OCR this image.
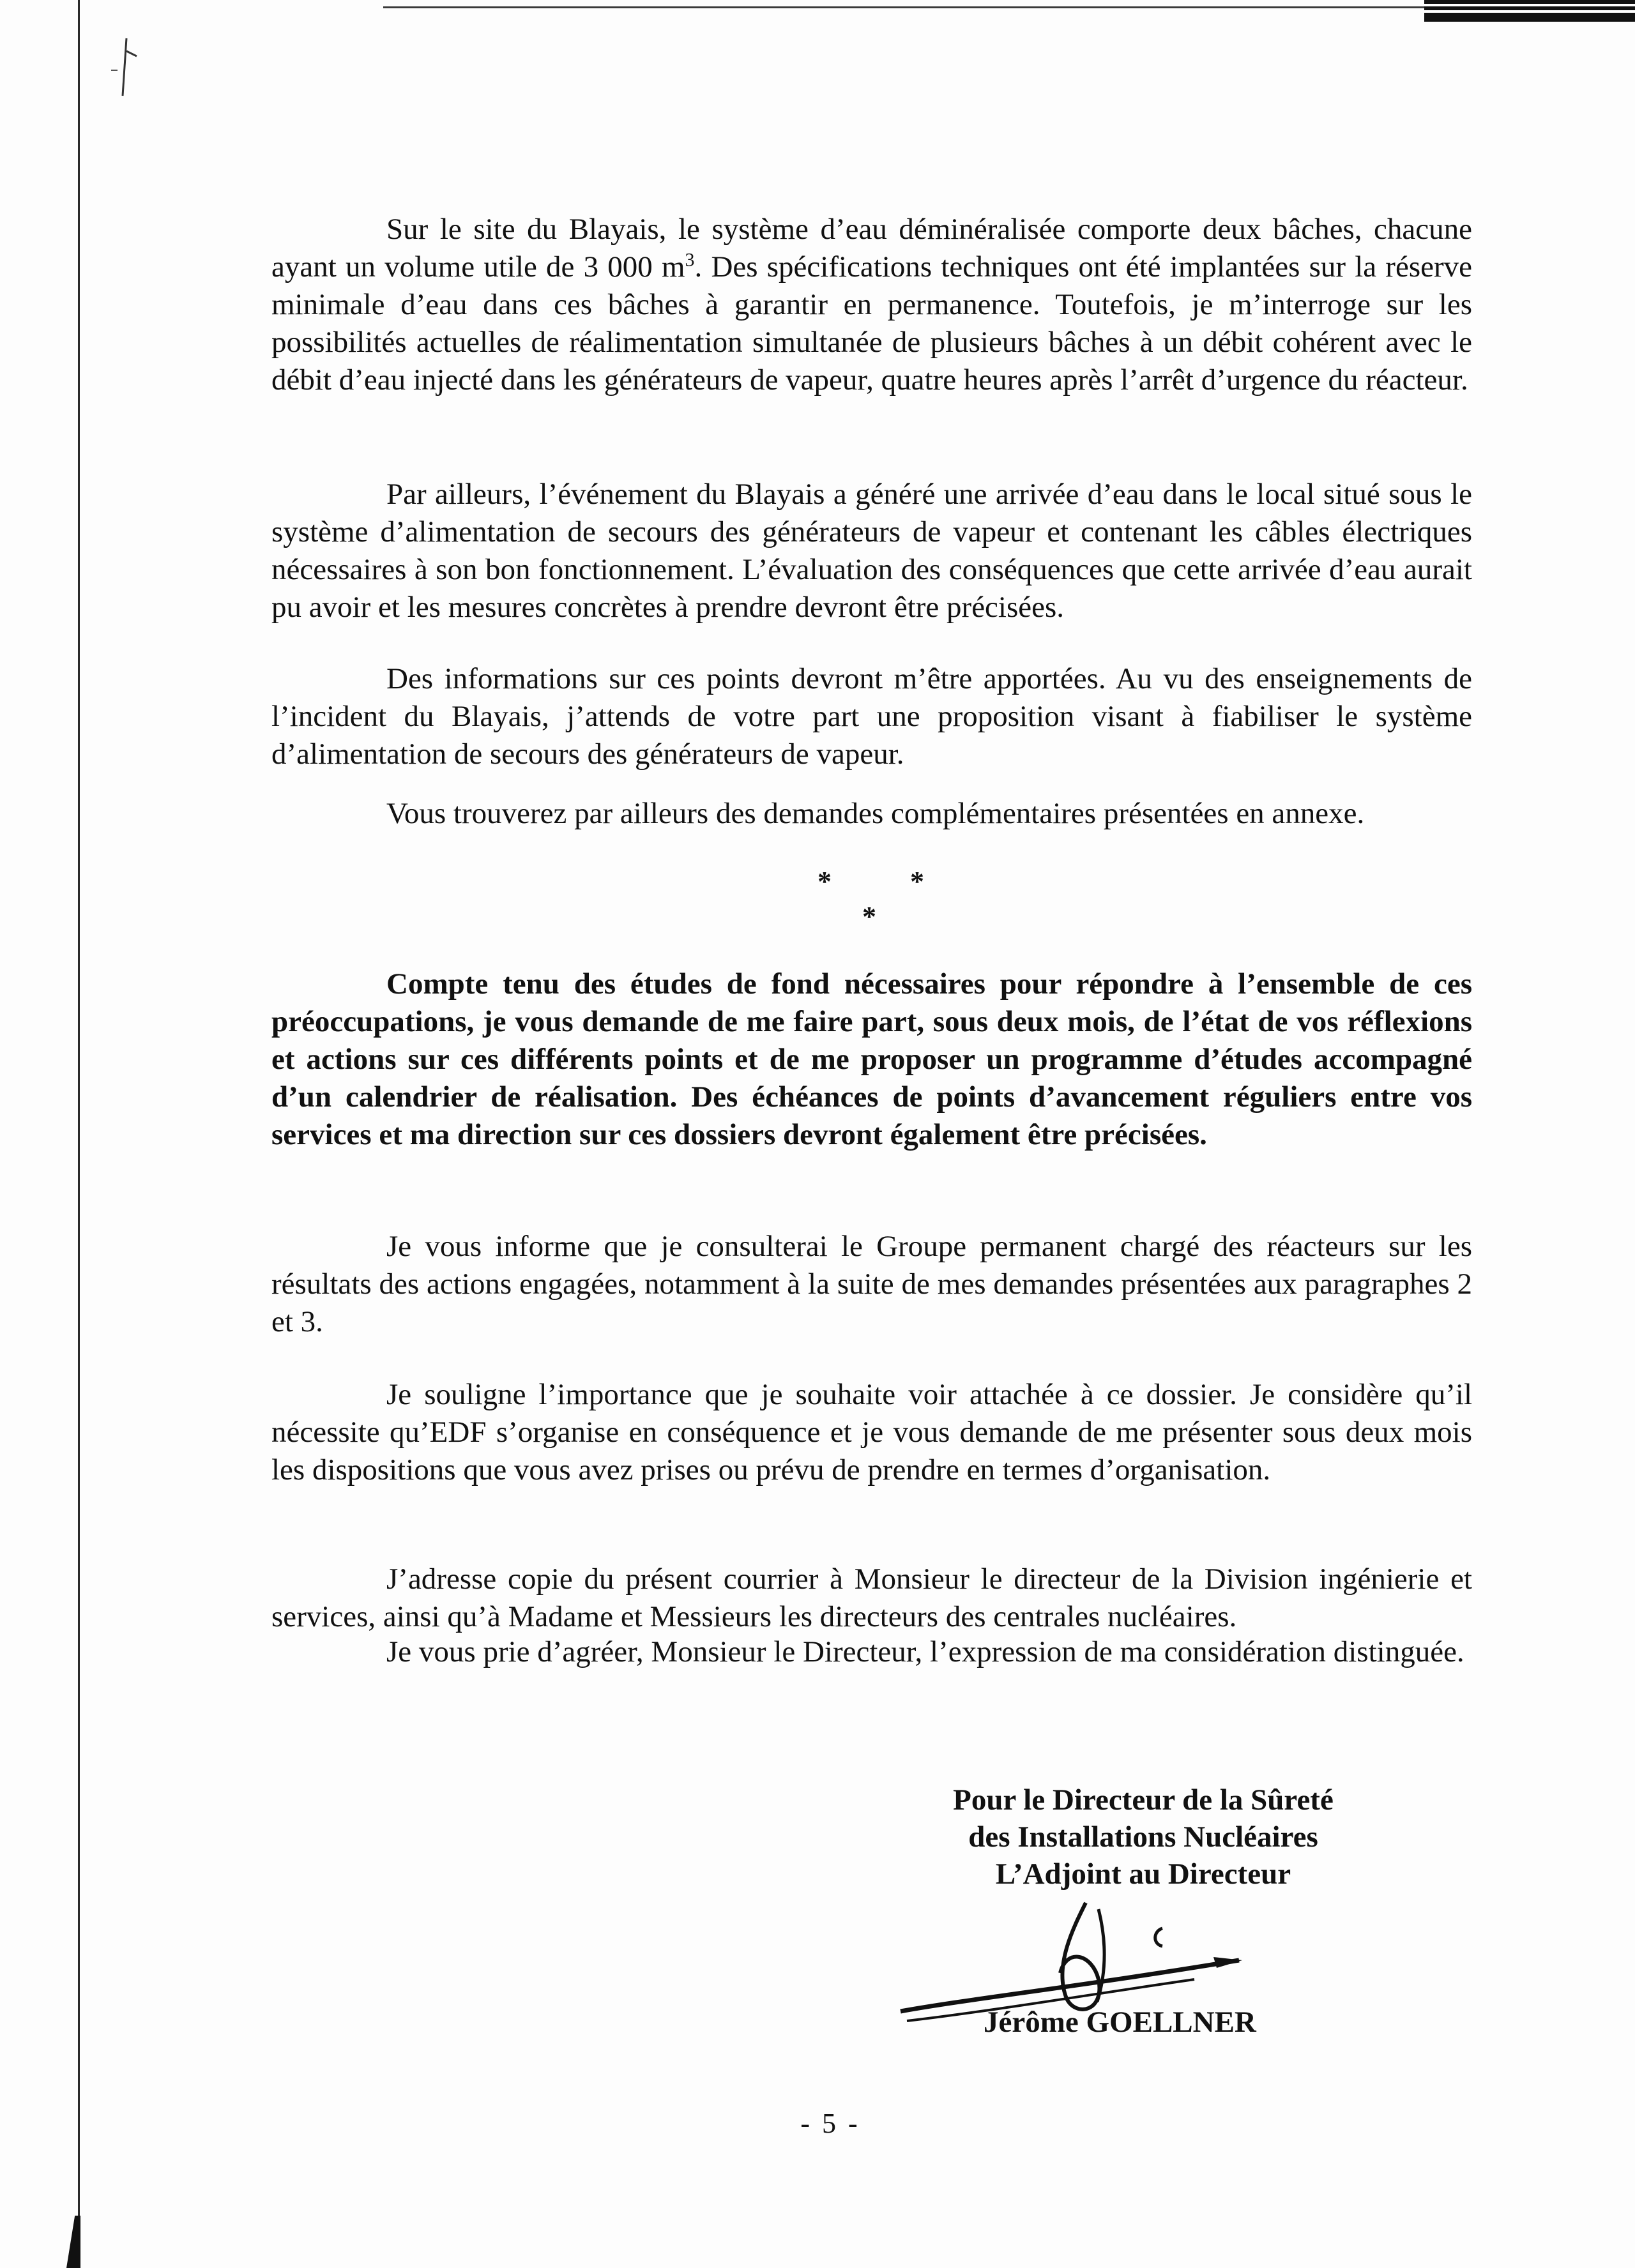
Sur le site du Blayais, le système d’eau déminéralisée comporte deux bâches, chacune ayant un volume utile de 3 000 $m^3$. Des spécifications techniques ont été implantées sur la réserve minimale d’eau dans ces bâches à garantir en permanence. Toutefois, je m’interroge sur les possibilités actuelles de réalimentation simultanée de plusieurs bâches à un débit cohérent avec le débit d’eau injecté dans les générateurs de vapeur, quatre heures après l’arrêt d’urgence du réacteur.

Par ailleurs, l’événement du Blayais a généré une arrivée d’eau dans le local situé sous le système d’alimentation de secours des générateurs de vapeur et contenant les câbles électriques nécessaires à son bon fonctionnement. L’évaluation des conséquences que cette arrivée d’eau aurait pu avoir et les mesures concrètes à prendre devront être précisées.

Des informations sur ces points devront m’être apportées. Au vu des enseignements de l’incident du Blayais, j’attends de votre part une proposition visant à fiabiliser le système d’alimentation de secours des générateurs de vapeur.

Vous trouverez par ailleurs des demandes complémentaires présentées en annexe.

*	*
*

Compte tenu des études de fond nécessaires pour répondre à l’ensemble de ces préoccupations, je vous demande de me faire part, sous deux mois, de l’état de vos réflexions et actions sur ces différents points et de me proposer un programme d’études accompagné d’un calendrier de réalisation. Des échéances de points d’avancement réguliers entre vos services et ma direction sur ces dossiers devront également être précisées.

Je vous informe que je consulterai le Groupe permanent chargé des réacteurs sur les résultats des actions engagées, notamment à la suite de mes demandes présentées aux paragraphes 2 et 3.

Je souligne l’importance que je souhaite voir attachée à ce dossier. Je considère qu’il nécessite qu’EDF s’organise en conséquence et je vous demande de me présenter sous deux mois les dispositions que vous avez prises ou prévu de prendre en termes d’organisation.

J’adresse copie du présent courrier à Monsieur le directeur de la Division ingénierie et services, ainsi qu’à Madame et Messieurs les directeurs des centrales nucléaires.

Je vous prie d’agréer, Monsieur le Directeur, l’expression de ma considération distinguée.

Pour le Directeur de la Sûreté
des Installations Nucléaires
L’Adjoint au Directeur
Jérôme GOELLNER
- 5 -
